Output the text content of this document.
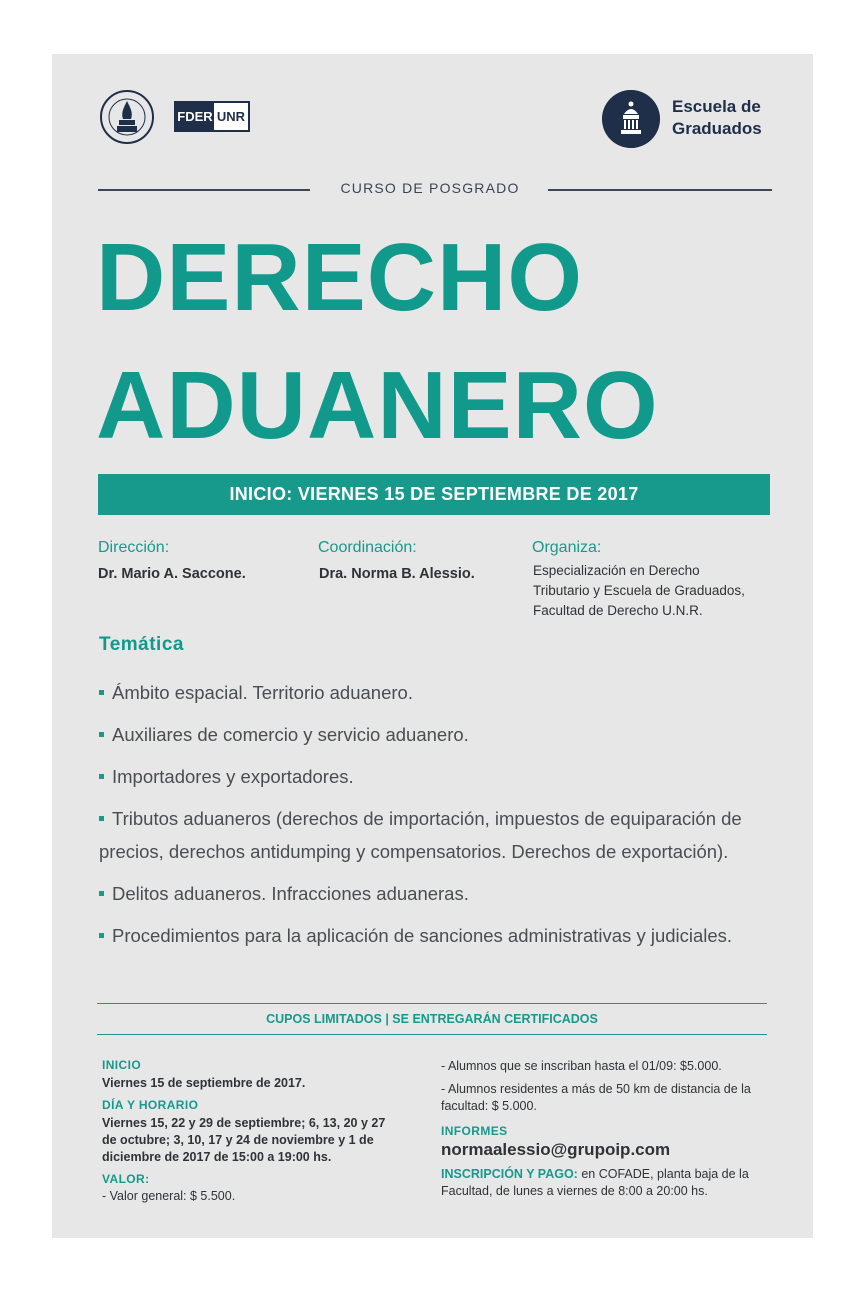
FDER UNR
Escuela de
Graduados
CURSO DE POSGRADO
DERECHO
ADUANERO
INICIO: VIERNES 15 DE SEPTIEMBRE DE 2017
Dirección:
Dr. Mario A. Saccone.
Coordinación:
Dra. Norma B. Alessio.
Organiza:
Especialización en Derecho
Tributario y Escuela de Graduados,
Facultad de Derecho U.N.R.
Temática
Ámbito espacial. Territorio aduanero.
Auxiliares de comercio y servicio aduanero.
Importadores y exportadores.
Tributos aduaneros (derechos de importación, impuestos de equiparación de precios, derechos antidumping y compensatorios. Derechos de exportación).
Delitos aduaneros. Infracciones aduaneras.
Procedimientos para la aplicación de sanciones administrativas y judiciales.
CUPOS LIMITADOS | SE ENTREGARÁN CERTIFICADOS
INICIO
Viernes 15 de septiembre de 2017.
DÍA Y HORARIO
Viernes 15, 22 y 29 de septiembre; 6, 13, 20 y 27 de octubre; 3, 10, 17 y 24 de noviembre y 1 de diciembre de 2017 de 15:00 a 19:00 hs.
VALOR:
- Valor general: $ 5.500.
- Alumnos que se inscriban hasta el 01/09: $5.000.
- Alumnos residentes a más de 50 km de distancia de la facultad: $ 5.000.
INFORMES
normaalessio@grupoip.com
INSCRIPCIÓN Y PAGO: en COFADE, planta baja de la Facultad, de lunes a viernes de 8:00 a 20:00 hs.
